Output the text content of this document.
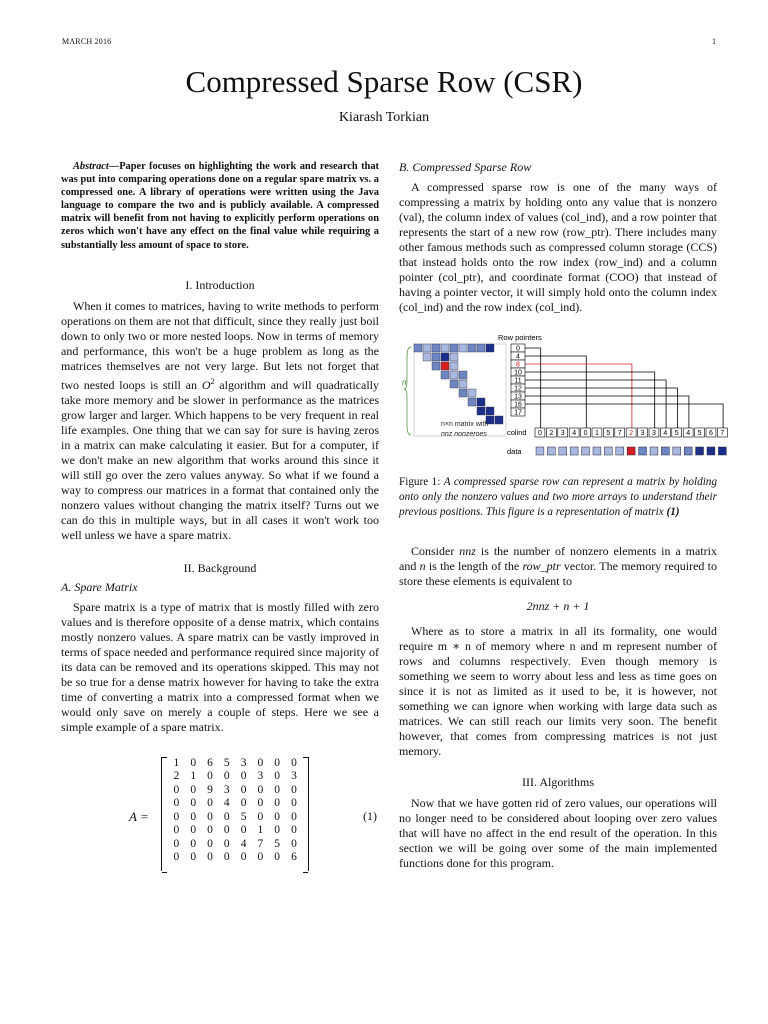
MARCH 2016	1
Compressed Sparse Row (CSR)
Kiarash Torkian

Abstract—Paper focuses on highlighting the work and research that was put into comparing operations done on a regular spare matrix vs. a compressed one. A library of operations were written using the Java language to compare the two and is publicly available. A compressed matrix will benefit from not having to explicitly perform operations on zeros which won't have any effect on the final value while requiring a substantially less amount of space to store.

I. Introduction

When it comes to matrices, having to write methods to perform operations on them are not that difficult, since they really just boil down to only two or more nested loops. Now in terms of memory and performance, this won't be a huge problem as long as the matrices themselves are not very large. But lets not forget that two nested loops is still an $O^2$ algorithm and will quadratically take more memory and be slower in performance as the matrices grow larger and larger. Which happens to be very frequent in real life examples. One thing that we can say for sure is having zeros in a matrix can make calculating it easier. But for a computer, if we don't make an new algorithm that works around this since it will still go over the zero values anyway. So what if we found a way to compress our matrices in a format that contained only the nonzero values without changing the matrix itself? Turns out we can do this in multiple ways, but in all cases it won't work too well unless we have a spare matrix.

II. Background
A. Spare Matrix

Spare matrix is a type of matrix that is mostly filled with zero values and is therefore opposite of a dense matrix, which contains mostly nonzero values. A spare matrix can be vastly improved in terms of space needed and performance required since majority of its data can be removed and its operations skipped. This may not be so true for a dense matrix however for having to take the extra time of converting a matrix into a compressed format when we would only save on merely a couple of steps. Here we see a simple example of a spare matrix.

A =
1 0 6 5 3 0 0 0
2 1 0 0 0 3 0 3
0 0 9 3 0 0 0 0
0 0 0 4 0 0 0 0
0 0 0 0 5 0 0 0
0 0 0 0 0 1 0 0
0 0 0 0 4 7 5 0
0 0 0 0 0 0 0 6
(1)
B. Compressed Sparse Row

A compressed sparse row is one of the many ways of compressing a matrix by holding onto any value that is nonzero (val), the column index of values (col_ind), and a row pointer that represents the start of a new row (row_ptr). There includes many other famous methods such as compressed column storage (CCS) that instead holds onto the row index (row_ind) and a column pointer (col_ptr), and coordinate format (COO) that instead of having a pointer vector, it will simply hold onto the column index (col_ind) and the row index (col_ind).

n
n×n matrix with
nnz nonzeroes
Row pointers
0
4
8
10
11
12
13
16
17
colind 0 2 3 4 0 1 5 7 2 3 3 4 5 4 5 6 7
data
Figure 1: A compressed sparse row can represent a matrix by holding onto only the nonzero values and two more arrays to understand their previous positions. This figure is a representation of matrix (1)

Consider nnz is the number of nonzero elements in a matrix and n is the length of the row_ptr vector. The memory required to store these elements is equivalent to

2nnz + n + 1

Where as to store a matrix in all its formality, one would require m ∗ n of memory where n and m represent number of rows and columns respectively. Even though memory is something we seem to worry about less and less as time goes on since it is not as limited as it used to be, it is however, not something we can ignore when working with large data such as matrices. We can still reach our limits very soon. The benefit however, that comes from compressing matrices is not just memory.

III. Algorithms

Now that we have gotten rid of zero values, our operations will no longer need to be considered about looping over zero values that will have no affect in the end result of the operation. In this section we will be going over some of the main implemented functions done for this program.
